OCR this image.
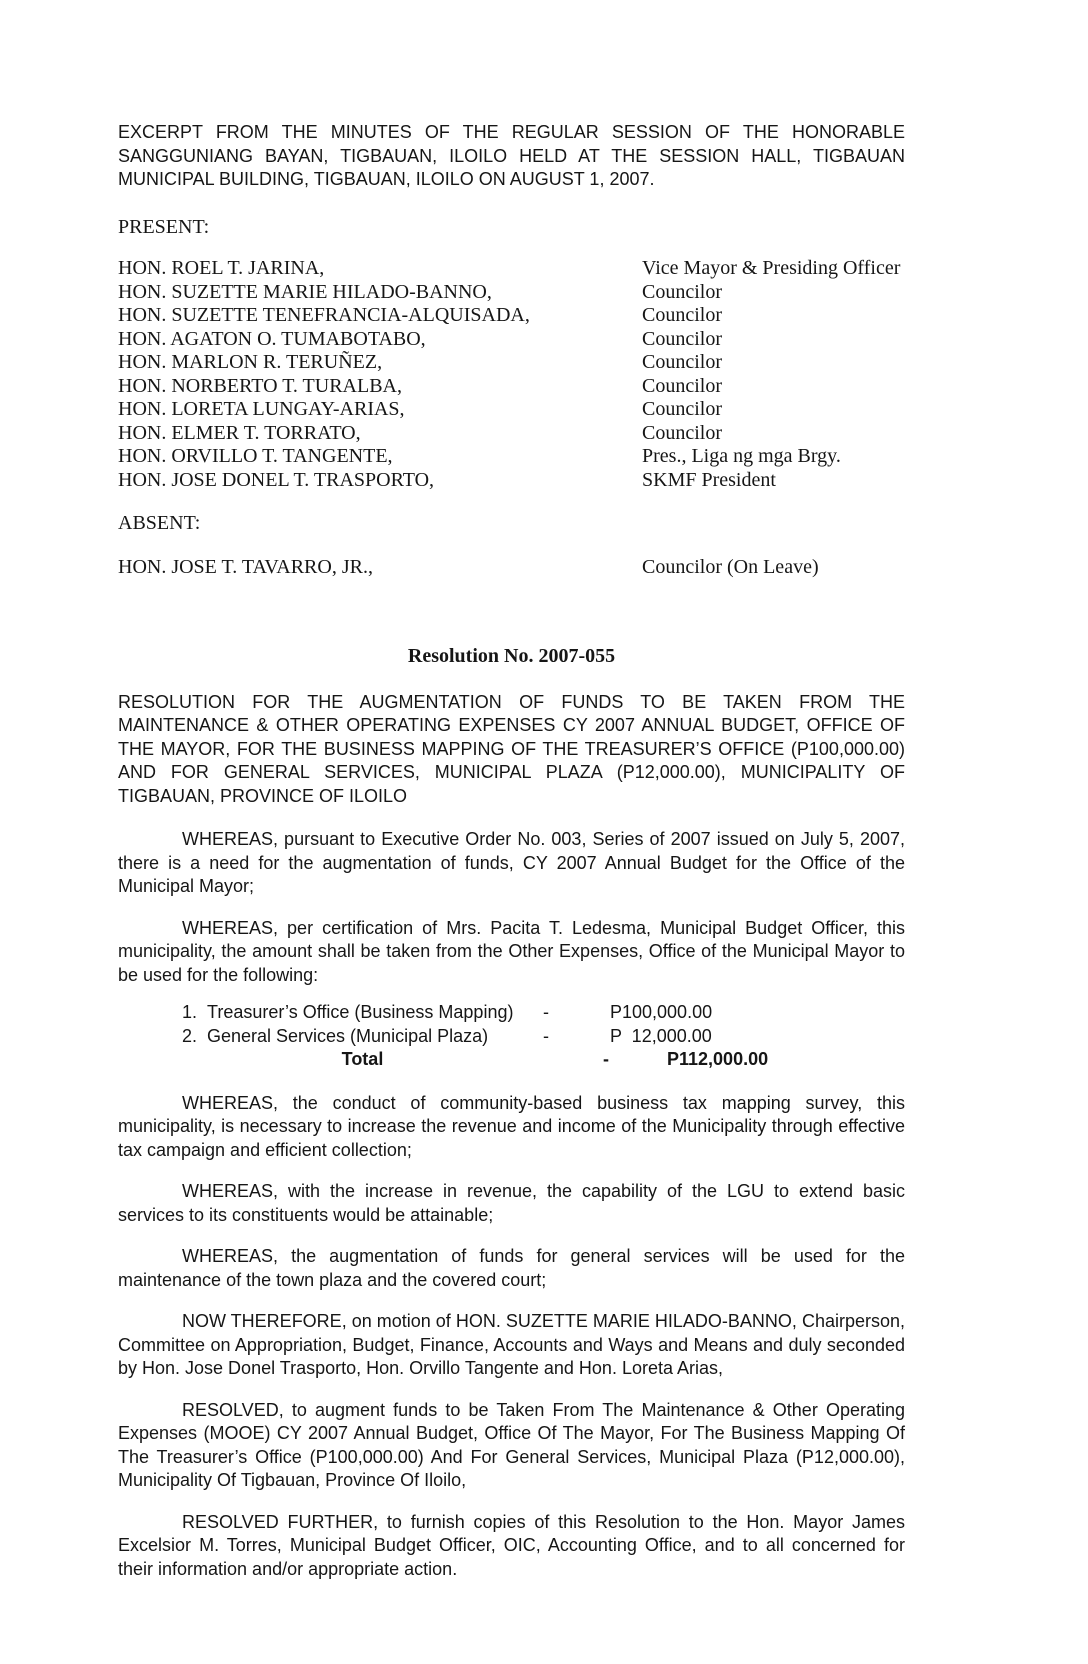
EXCERPT FROM THE MINUTES OF THE REGULAR SESSION OF THE HONORABLE SANGGUNIANG BAYAN, TIGBAUAN, ILOILO HELD AT THE SESSION HALL, TIGBAUAN MUNICIPAL BUILDING, TIGBAUAN, ILOILO ON AUGUST 1, 2007.

PRESENT:

HON. ROEL T. JARINA,	Vice Mayor & Presiding Officer
HON. SUZETTE MARIE HILADO-BANNO,	Councilor
HON. SUZETTE TENEFRANCIA-ALQUISADA,	Councilor
HON. AGATON O. TUMABOTABO,	Councilor
HON. MARLON R. TERUÑEZ,	Councilor
HON. NORBERTO T. TURALBA,	Councilor
HON. LORETA LUNGAY-ARIAS,	Councilor
HON. ELMER T. TORRATO,	Councilor
HON. ORVILLO T. TANGENTE,	Pres., Liga ng mga Brgy.
HON. JOSE DONEL T. TRASPORTO,	SKMF President

ABSENT:

HON. JOSE T. TAVARRO, JR.,	Councilor (On Leave)
Resolution No. 2007-055

RESOLUTION FOR THE AUGMENTATION OF FUNDS TO BE TAKEN FROM THE MAINTENANCE & OTHER OPERATING EXPENSES CY 2007 ANNUAL BUDGET, OFFICE OF THE MAYOR, FOR THE BUSINESS MAPPING OF THE TREASURER’S OFFICE (P100,000.00) AND FOR GENERAL SERVICES, MUNICIPAL PLAZA (P12,000.00), MUNICIPALITY OF TIGBAUAN, PROVINCE OF ILOILO

WHEREAS, pursuant to Executive Order No. 003, Series of 2007 issued on July 5, 2007, there is a need for the augmentation of funds, CY 2007 Annual Budget for the Office of the Municipal Mayor;

WHEREAS, per certification of Mrs. Pacita T. Ledesma, Municipal Budget Officer, this municipality, the amount shall be taken from the Other Expenses, Office of the Municipal Mayor to be used for the following:

1. Treasurer’s Office (Business Mapping)	-	P100,000.00
2. General Services (Municipal Plaza)	-	P  12,000.00
Total	-	P112,000.00

WHEREAS, the conduct of community-based business tax mapping survey, this municipality, is necessary to increase the revenue and income of the Municipality through effective tax campaign and efficient collection;

WHEREAS, with the increase in revenue, the capability of the LGU to extend basic services to its constituents would be attainable;

WHEREAS, the augmentation of funds for general services will be used for the maintenance of the town plaza and the covered court;

NOW THEREFORE, on motion of HON. SUZETTE MARIE HILADO-BANNO, Chairperson, Committee on Appropriation, Budget, Finance, Accounts and Ways and Means and duly seconded by Hon. Jose Donel Trasporto, Hon. Orvillo Tangente and Hon. Loreta Arias,

RESOLVED, to augment funds to be Taken From The Maintenance & Other Operating Expenses (MOOE) CY 2007 Annual Budget, Office Of The Mayor, For The Business Mapping Of The Treasurer’s Office (P100,000.00) And For General Services, Municipal Plaza (P12,000.00), Municipality Of Tigbauan, Province Of Iloilo,

RESOLVED FURTHER, to furnish copies of this Resolution to the Hon. Mayor James Excelsior M. Torres, Municipal Budget Officer, OIC, Accounting Office, and to all concerned for their information and/or appropriate action.
